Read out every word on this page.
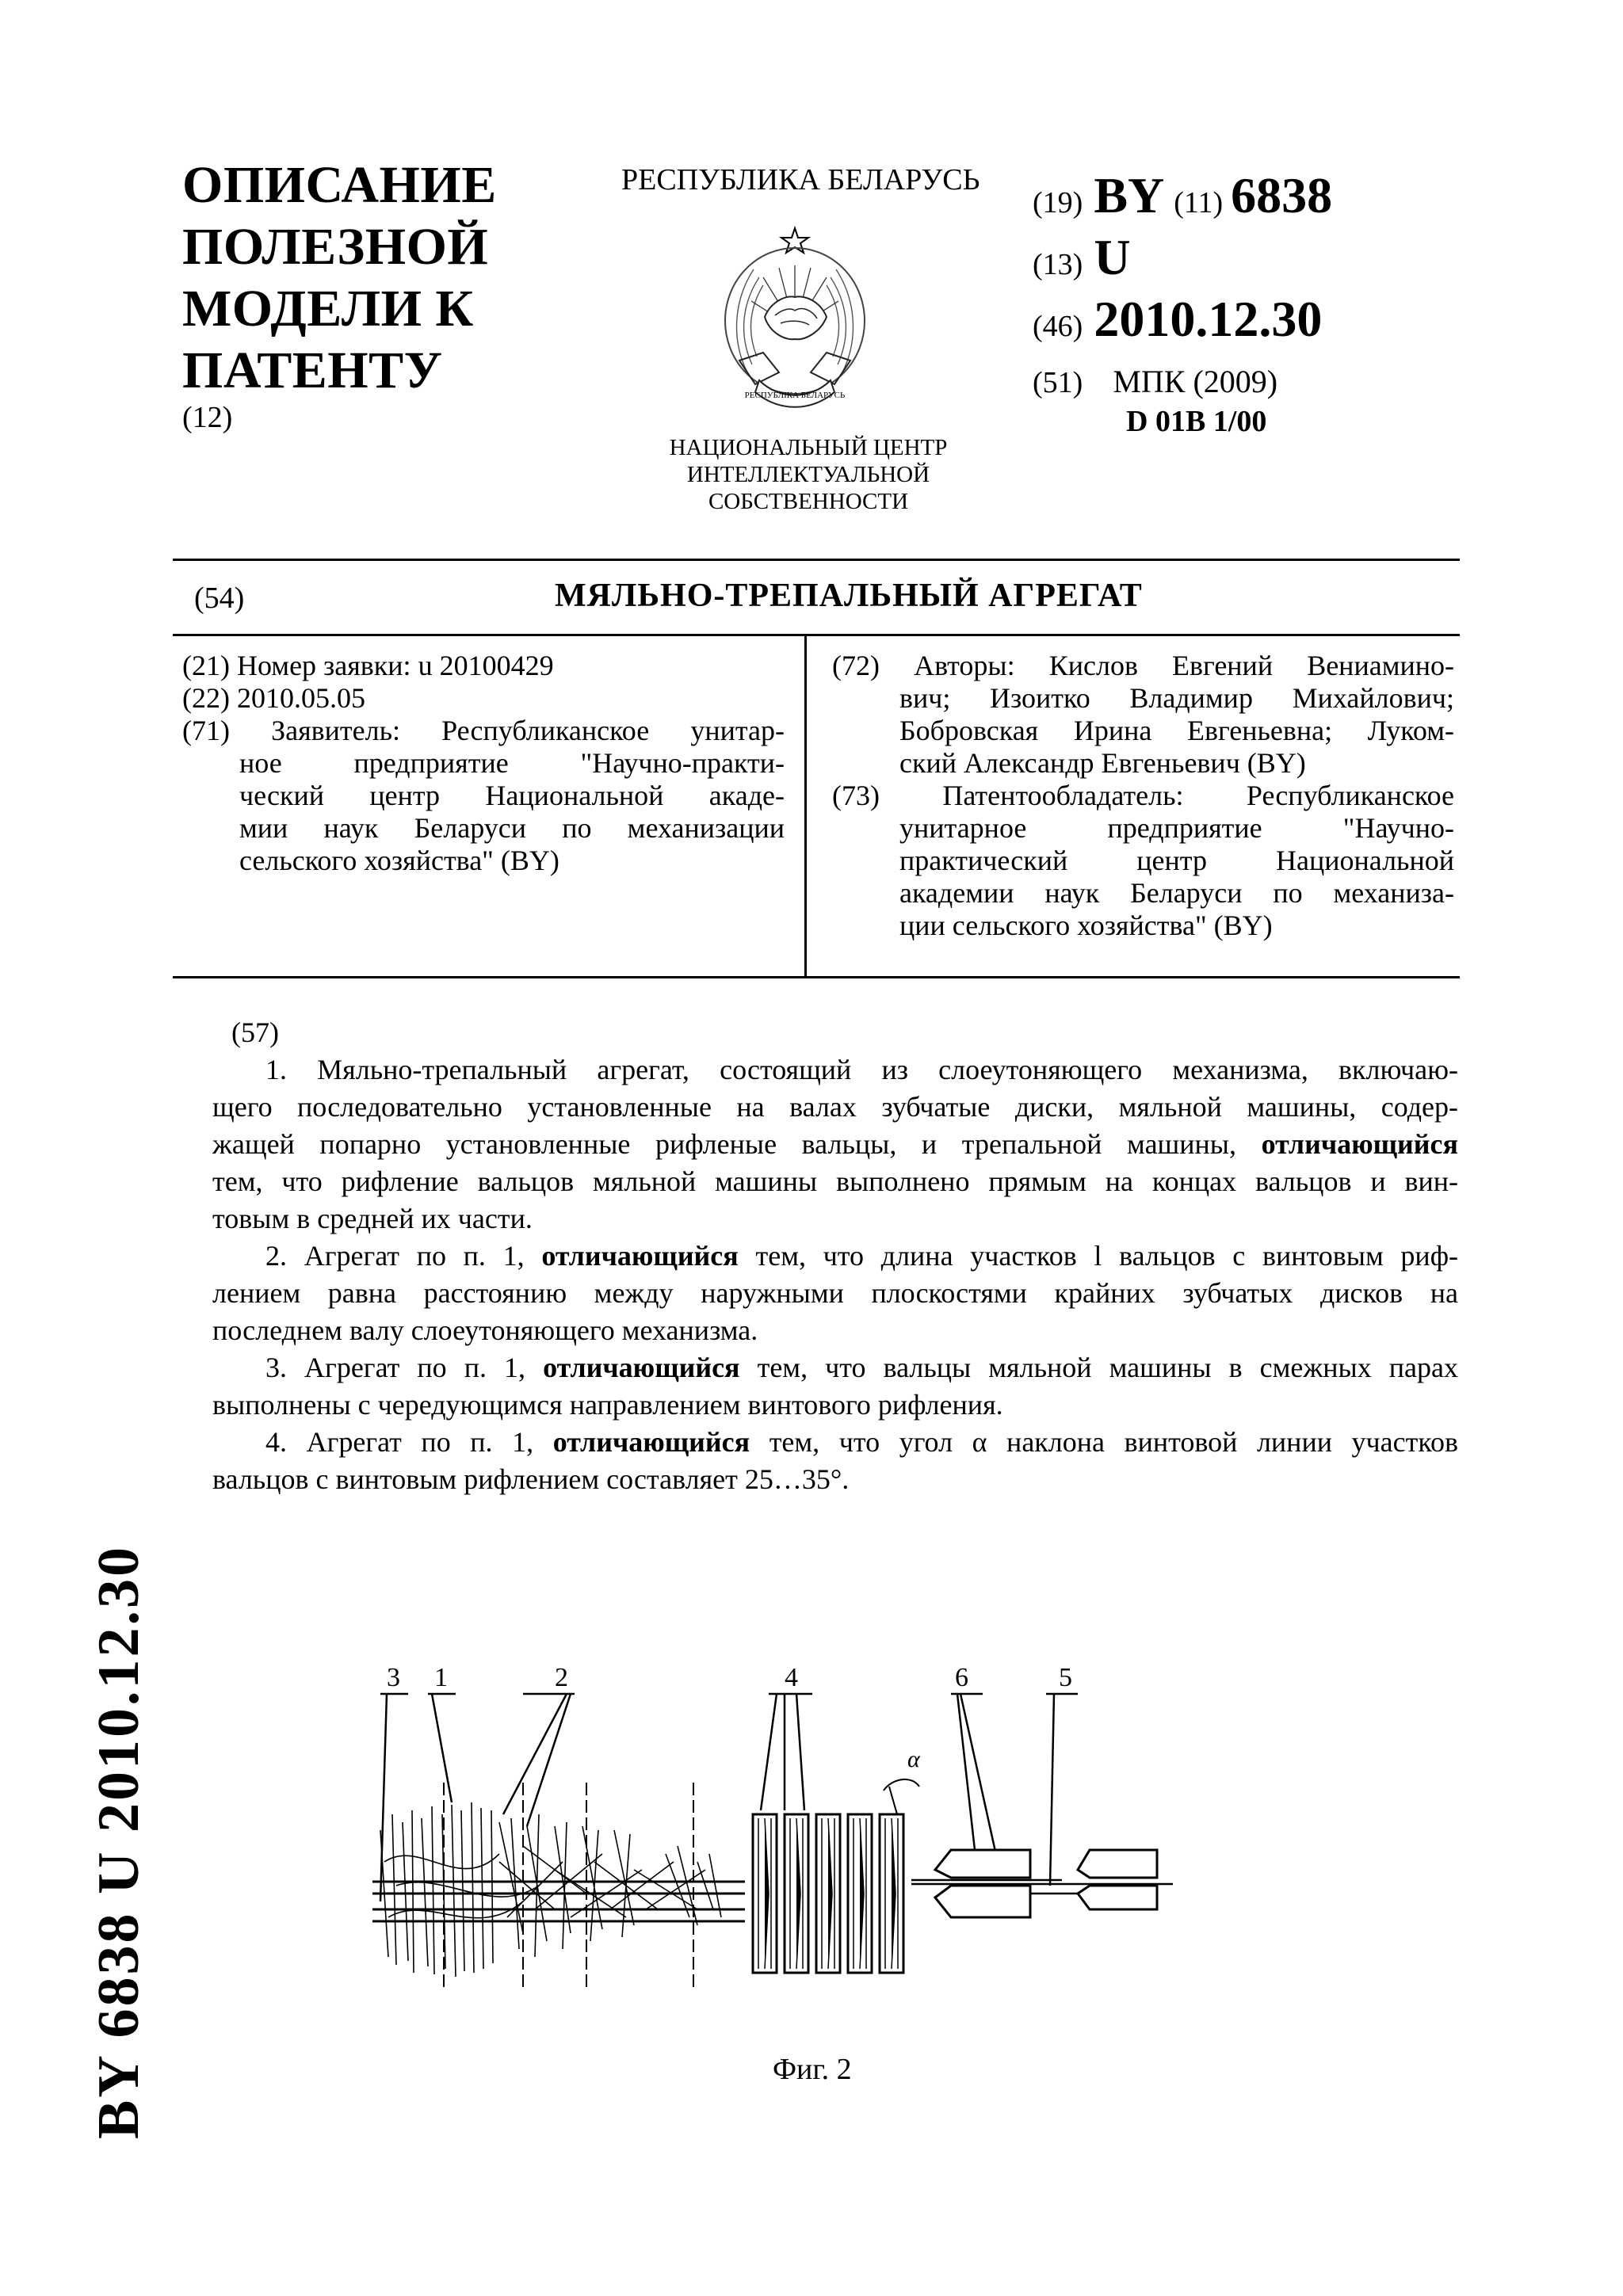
ОПИСАНИЕ
ПОЛЕЗНОЙ
МОДЕЛИ К
ПАТЕНТУ
(12)
РЕСПУБЛИКА БЕЛАРУСЬ
РЕСПУБЛІКА БЕЛАРУСЬ
НАЦИОНАЛЬНЫЙ ЦЕНТР
ИНТЕЛЛЕКТУАЛЬНОЙ
СОБСТВЕННОСТИ
(19) BY (11) 6838
(13) U
(46) 2010.12.30
(51) МПК (2009)
D 01B 1/00
(54)	МЯЛЬНО-ТРЕПАЛЬНЫЙ АГРЕГАТ
(21) Номер заявки: u 20100429
(22) 2010.05.05
(71) Заявитель: Республиканское унитар-
ное предприятие "Научно-практи-
ческий центр Национальной акаде-
мии наук Беларуси по механизации
сельского хозяйства" (BY)
(72) Авторы: Кислов Евгений Вениамино-
вич; Изоитко Владимир Михайлович;
Бобровская Ирина Евгеньевна; Луком-
ский Александр Евгеньевич (BY)
(73) Патентообладатель: Республиканское
унитарное предприятие "Научно-
практический центр Национальной
академии наук Беларуси по механиза-
ции сельского хозяйства" (BY)

(57)

1. Мяльно-трепальный агрегат, состоящий из слоеутоняющего механизма, включаю-

щего последовательно установленные на валах зубчатые диски, мяльной машины, содер-

жащей попарно установленные рифленые вальцы, и трепальной машины, отличающийся

тем, что рифление вальцов мяльной машины выполнено прямым на концах вальцов и вин-

товым в средней их части.

2. Агрегат по п. 1, отличающийся тем, что длина участков l вальцов с винтовым риф-

лением равна расстоянию между наружными плоскостями крайних зубчатых дисков на

последнем валу слоеутоняющего механизма.

3. Агрегат по п. 1, отличающийся тем, что вальцы мяльной машины в смежных парах

выполнены с чередующимся направлением винтового рифления.

4. Агрегат по п. 1, отличающийся тем, что угол α наклона винтовой линии участков

вальцов с винтовым рифлением составляет 25…35°.

BY 6838 U 2010.12.30	3 1	2	4	6	5
α
Фиг. 2
